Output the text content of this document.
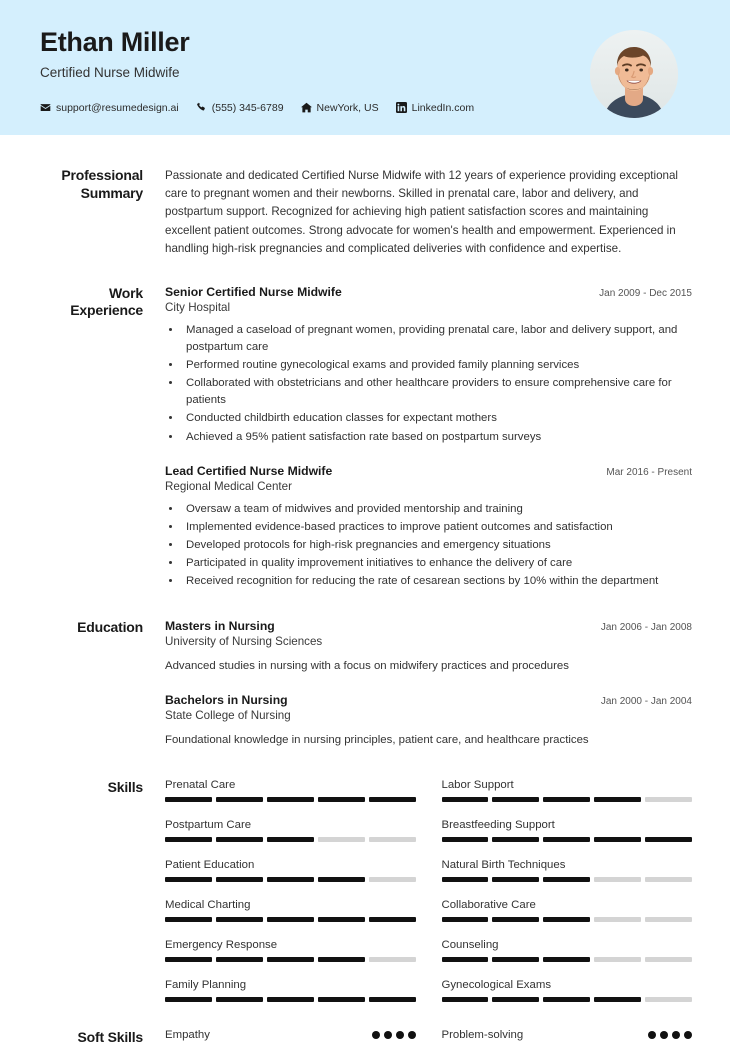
Ethan Miller
Certified Nurse Midwife
support@resumedesign.ai	(555) 345-6789	NewYork, US	LinkedIn.com
Professional Summary
Passionate and dedicated Certified Nurse Midwife with 12 years of experience providing exceptional care to pregnant women and their newborns. Skilled in prenatal care, labor and delivery, and postpartum support. Recognized for achieving high patient satisfaction scores and maintaining excellent patient outcomes. Strong advocate for women's health and empowerment. Experienced in handling high-risk pregnancies and complicated deliveries with confidence and expertise.
Work Experience
Senior Certified Nurse Midwife	Jan 2009 - Dec 2015
City Hospital
• Managed a caseload of pregnant women, providing prenatal care, labor and delivery support, and postpartum care
• Performed routine gynecological exams and provided family planning services
• Collaborated with obstetricians and other healthcare providers to ensure comprehensive care for patients
• Conducted childbirth education classes for expectant mothers
• Achieved a 95% patient satisfaction rate based on postpartum surveys
Lead Certified Nurse Midwife	Mar 2016 - Present
Regional Medical Center
• Oversaw a team of midwives and provided mentorship and training
• Implemented evidence-based practices to improve patient outcomes and satisfaction
• Developed protocols for high-risk pregnancies and emergency situations
• Participated in quality improvement initiatives to enhance the delivery of care
• Received recognition for reducing the rate of cesarean sections by 10% within the department
Education	Masters in Nursing	Jan 2006 - Jan 2008
University of Nursing Sciences
Advanced studies in nursing with a focus on midwifery practices and procedures
Bachelors in Nursing	Jan 2000 - Jan 2004
State College of Nursing
Foundational knowledge in nursing principles, patient care, and healthcare practices
Skills	Prenatal Care	Labor Support
Postpartum Care	Breastfeeding Support
Patient Education	Natural Birth Techniques
Medical Charting	Collaborative Care
Emergency Response	Counseling
Family Planning	Gynecological Exams
Soft Skills	Empathy	Problem-solving
